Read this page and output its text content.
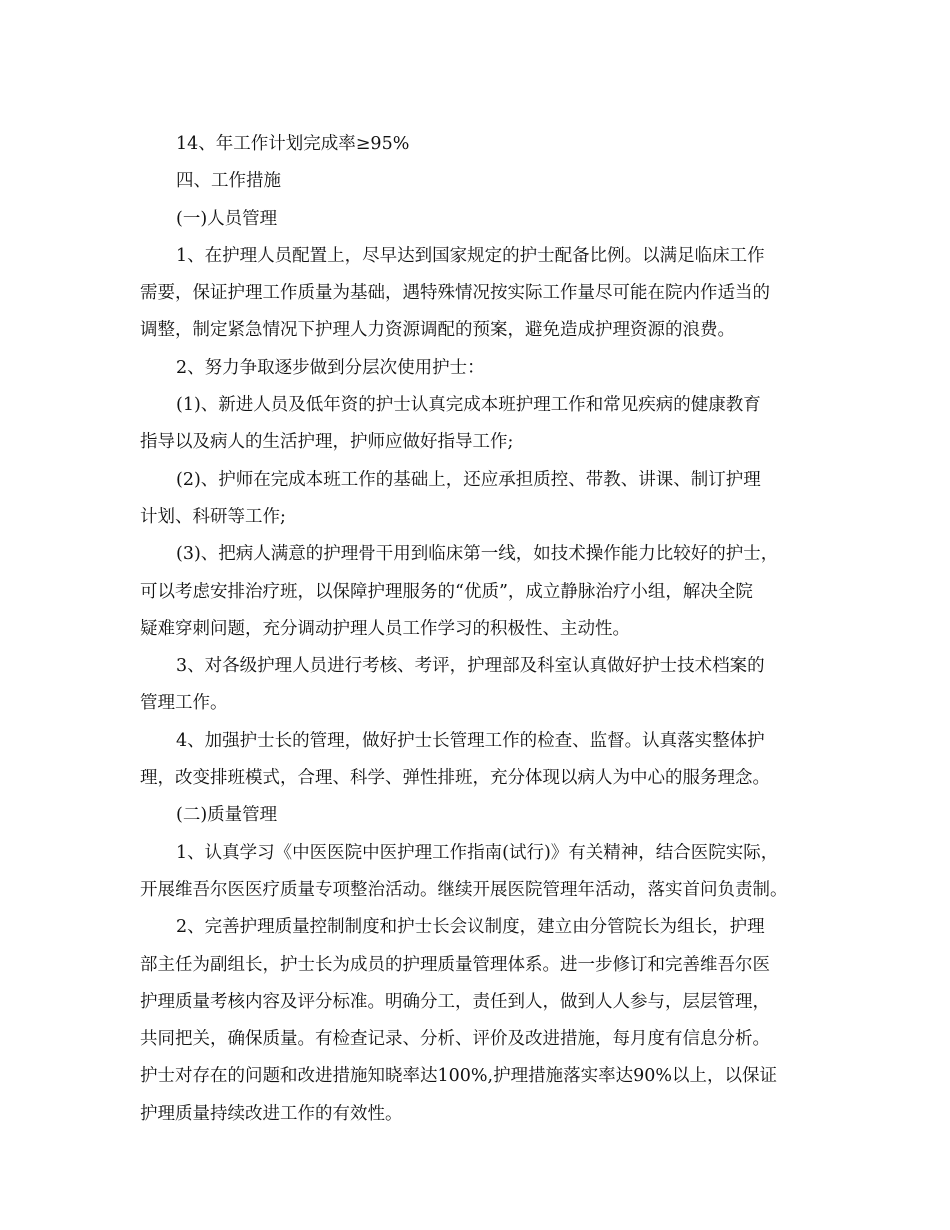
14、年工作计划完成率≥95%
四、工作措施
(一)人员管理
1、在护理人员配置上，尽早达到国家规定的护士配备比例。以满足临床工作
需要，保证护理工作质量为基础，遇特殊情况按实际工作量尽可能在院内作适当的
调整，制定紧急情况下护理人力资源调配的预案，避免造成护理资源的浪费。
2、努力争取逐步做到分层次使用护士：
(1)、新进人员及低年资的护士认真完成本班护理工作和常见疾病的健康教育
指导以及病人的生活护理，护师应做好指导工作;
(2)、护师在完成本班工作的基础上，还应承担质控、带教、讲课、制订护理
计划、科研等工作;
(3)、把病人满意的护理骨干用到临床第一线，如技术操作能力比较好的护士，
可以考虑安排治疗班，以保障护理服务的“优质”，成立静脉治疗小组，解决全院
疑难穿刺问题，充分调动护理人员工作学习的积极性、主动性。
3、对各级护理人员进行考核、考评，护理部及科室认真做好护士技术档案的
管理工作。
4、加强护士长的管理，做好护士长管理工作的检查、监督。认真落实整体护
理，改变排班模式，合理、科学、弹性排班，充分体现以病人为中心的服务理念。
(二)质量管理
1、认真学习《中医医院中医护理工作指南(试行)》有关精神，结合医院实际，
开展维吾尔医医疗质量专项整治活动。继续开展医院管理年活动，落实首问负责制。
2、完善护理质量控制制度和护士长会议制度，建立由分管院长为组长，护理
部主任为副组长，护士长为成员的护理质量管理体系。进一步修订和完善维吾尔医
护理质量考核内容及评分标准。明确分工，责任到人，做到人人参与，层层管理，
共同把关，确保质量。有检查记录、分析、评价及改进措施，每月度有信息分析。
护士对存在的问题和改进措施知晓率达100%,护理措施落实率达90%以上，以保证
护理质量持续改进工作的有效性。
